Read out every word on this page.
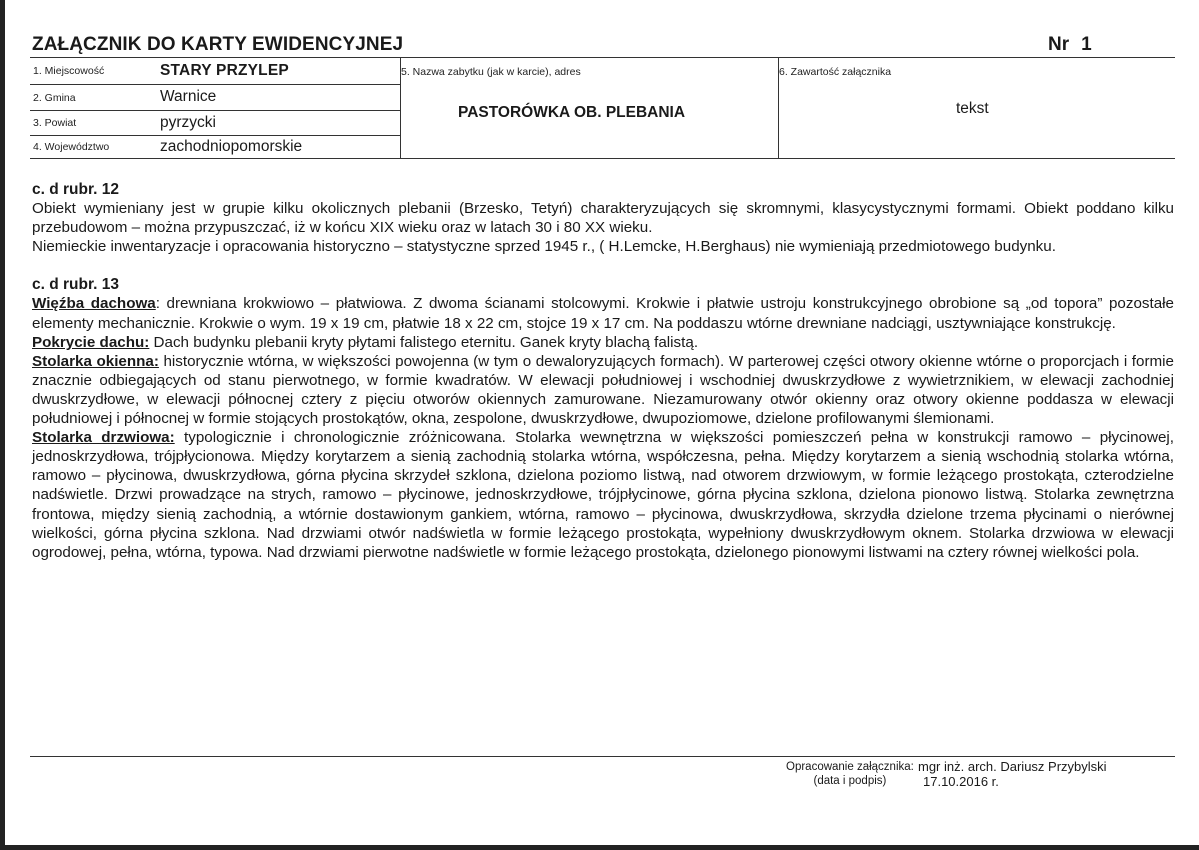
ZAŁĄCZNIK DO KARTY EWIDENCYJNEJ	Nr 1
1. Miejscowość	STARY PRZYLEP
2. Gmina	Warnice
3. Powiat	pyrzycki
4. Województwo	zachodniopomorskie
5. Nazwa zabytku (jak w karcie), adres
PASTORÓWKA OB. PLEBANIA
6. Zawartość załącznika
tekst

c. d rubr. 12

Obiekt wymieniany jest w grupie kilku okolicznych plebanii (Brzesko, Tetyń) charakteryzujących się skromnymi, klasycystycznymi formami. Obiekt poddano kilku przebudowom – można przypuszczać, iż w końcu XIX wieku oraz w latach 30 i 80 XX wieku.

Niemieckie inwentaryzacje i opracowania historyczno – statystyczne sprzed 1945 r., ( H.Lemcke, H.Berghaus) nie wymieniają przedmiotowego budynku.

c. d rubr. 13

Więźba dachowa: drewniana krokwiowo – płatwiowa. Z dwoma ścianami stolcowymi. Krokwie i płatwie ustroju konstrukcyjnego obrobione są „od topora” pozostałe elementy mechanicznie. Krokwie o wym. 19 x 19 cm, płatwie 18 x 22 cm, stojce 19 x 17 cm. Na poddaszu wtórne drewniane nadciągi, usztywniające konstrukcję.

Pokrycie dachu: Dach budynku plebanii kryty płytami falistego eternitu. Ganek kryty blachą falistą.

Stolarka okienna: historycznie wtórna, w większości powojenna (w tym o dewaloryzujących formach). W parterowej części otwory okienne wtórne o proporcjach i formie znacznie odbiegających od stanu pierwotnego, w formie kwadratów. W elewacji południowej i wschodniej dwuskrzydłowe z wywietrznikiem, w elewacji zachodniej dwuskrzydłowe, w elewacji północnej cztery z pięciu otworów okiennych zamurowane. Niezamurowany otwór okienny oraz otwory okienne poddasza w elewacji południowej i północnej w formie stojących prostokątów, okna, zespolone, dwuskrzydłowe, dwupoziomowe, dzielone profilowanymi ślemionami.

Stolarka drzwiowa: typologicznie i chronologicznie zróżnicowana. Stolarka wewnętrzna w większości pomieszczeń pełna w konstrukcji ramowo – płycinowej, jednoskrzydłowa, trójpłycionowa. Między korytarzem a sienią zachodnią stolarka wtórna, współczesna, pełna. Między korytarzem a sienią wschodnią stolarka wtórna, ramowo – płycinowa, dwuskrzydłowa, górna płycina skrzydeł szklona, dzielona poziomo listwą, nad otworem drzwiowym, w formie leżącego prostokąta, czterodzielne nadświetle. Drzwi prowadzące na strych, ramowo – płycinowe, jednoskrzydłowe, trójpłycinowe, górna płycina szklona, dzielona pionowo listwą. Stolarka zewnętrzna frontowa, między sienią zachodnią, a wtórnie dostawionym gankiem, wtórna, ramowo – płycinowa, dwuskrzydłowa, skrzydła dzielone trzema płycinami o nierównej wielkości, górna płycina szklona. Nad drzwiami otwór nadświetla w formie leżącego prostokąta, wypełniony dwuskrzydłowym oknem. Stolarka drzwiowa w elewacji ogrodowej, pełna, wtórna, typowa. Nad drzwiami pierwotne nadświetle w formie leżącego prostokąta, dzielonego pionowymi listwami na cztery równej wielkości pola.

Opracowanie załącznika:
(data i podpis)
mgr inż. arch. Dariusz Przybylski
17.10.2016 r.
